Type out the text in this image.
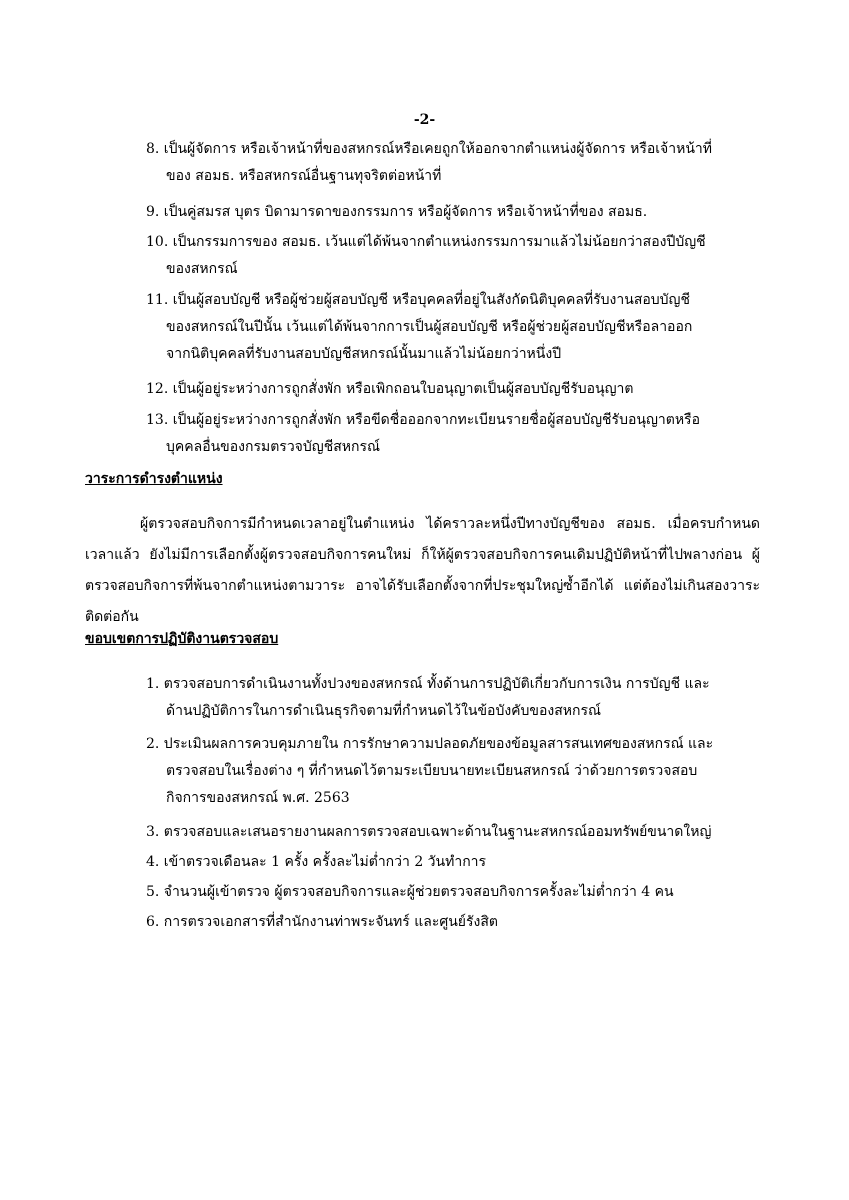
-2-
8. เป็นผู้จัดการ หรือเจ้าหน้าที่ของสหกรณ์หรือเคยถูกให้ออกจากตำแหน่งผู้จัดการ หรือเจ้าหน้าที่
ของ สอมธ. หรือสหกรณ์อื่นฐานทุจริตต่อหน้าที่
9. เป็นคู่สมรส บุตร บิดามารดาของกรรมการ หรือผู้จัดการ หรือเจ้าหน้าที่ของ สอมธ.
10. เป็นกรรมการของ สอมธ. เว้นแต่ได้พ้นจากตำแหน่งกรรมการมาแล้วไม่น้อยกว่าสองปีบัญชี
ของสหกรณ์
11. เป็นผู้สอบบัญชี หรือผู้ช่วยผู้สอบบัญชี หรือบุคคลที่อยู่ในสังกัดนิติบุคคลที่รับงานสอบบัญชี
ของสหกรณ์ในปีนั้น เว้นแต่ได้พ้นจากการเป็นผู้สอบบัญชี หรือผู้ช่วยผู้สอบบัญชีหรือลาออก
จากนิติบุคคลที่รับงานสอบบัญชีสหกรณ์นั้นมาแล้วไม่น้อยกว่าหนึ่งปี
12. เป็นผู้อยู่ระหว่างการถูกสั่งพัก หรือเพิกถอนใบอนุญาตเป็นผู้สอบบัญชีรับอนุญาต
13. เป็นผู้อยู่ระหว่างการถูกสั่งพัก หรือขีดชื่อออกจากทะเบียนรายชื่อผู้สอบบัญชีรับอนุญาตหรือ
บุคคลอื่นของกรมตรวจบัญชีสหกรณ์
วาระการดำรงตำแหน่ง
ผู้ตรวจสอบกิจการมีกำหนดเวลาอยู่ในตำแหน่ง ได้คราวละหนึ่งปีทางบัญชีของ สอมธ. เมื่อครบกำหนดเวลาแล้ว ยังไม่มีการเลือกตั้งผู้ตรวจสอบกิจการคนใหม่ ก็ให้ผู้ตรวจสอบกิจการคนเดิมปฏิบัติหน้าที่ไปพลางก่อน ผู้ตรวจสอบกิจการที่พ้นจากตำแหน่งตามวาระ อาจได้รับเลือกตั้งจากที่ประชุมใหญ่ซ้ำอีกได้ แต่ต้องไม่เกินสองวาระติดต่อกัน
ขอบเขตการปฏิบัติงานตรวจสอบ
1. ตรวจสอบการดำเนินงานทั้งปวงของสหกรณ์ ทั้งด้านการปฏิบัติเกี่ยวกับการเงิน การบัญชี และ
ด้านปฏิบัติการในการดำเนินธุรกิจตามที่กำหนดไว้ในข้อบังคับของสหกรณ์
2. ประเมินผลการควบคุมภายใน การรักษาความปลอดภัยของข้อมูลสารสนเทศของสหกรณ์ และ
ตรวจสอบในเรื่องต่าง ๆ ที่กำหนดไว้ตามระเบียบนายทะเบียนสหกรณ์ ว่าด้วยการตรวจสอบ
กิจการของสหกรณ์ พ.ศ. 2563
3. ตรวจสอบและเสนอรายงานผลการตรวจสอบเฉพาะด้านในฐานะสหกรณ์ออมทรัพย์ขนาดใหญ่
4. เข้าตรวจเดือนละ 1 ครั้ง ครั้งละไม่ต่ำกว่า 2 วันทำการ
5. จำนวนผู้เข้าตรวจ ผู้ตรวจสอบกิจการและผู้ช่วยตรวจสอบกิจการครั้งละไม่ต่ำกว่า 4 คน
6. การตรวจเอกสารที่สำนักงานท่าพระจันทร์ และศูนย์รังสิต
